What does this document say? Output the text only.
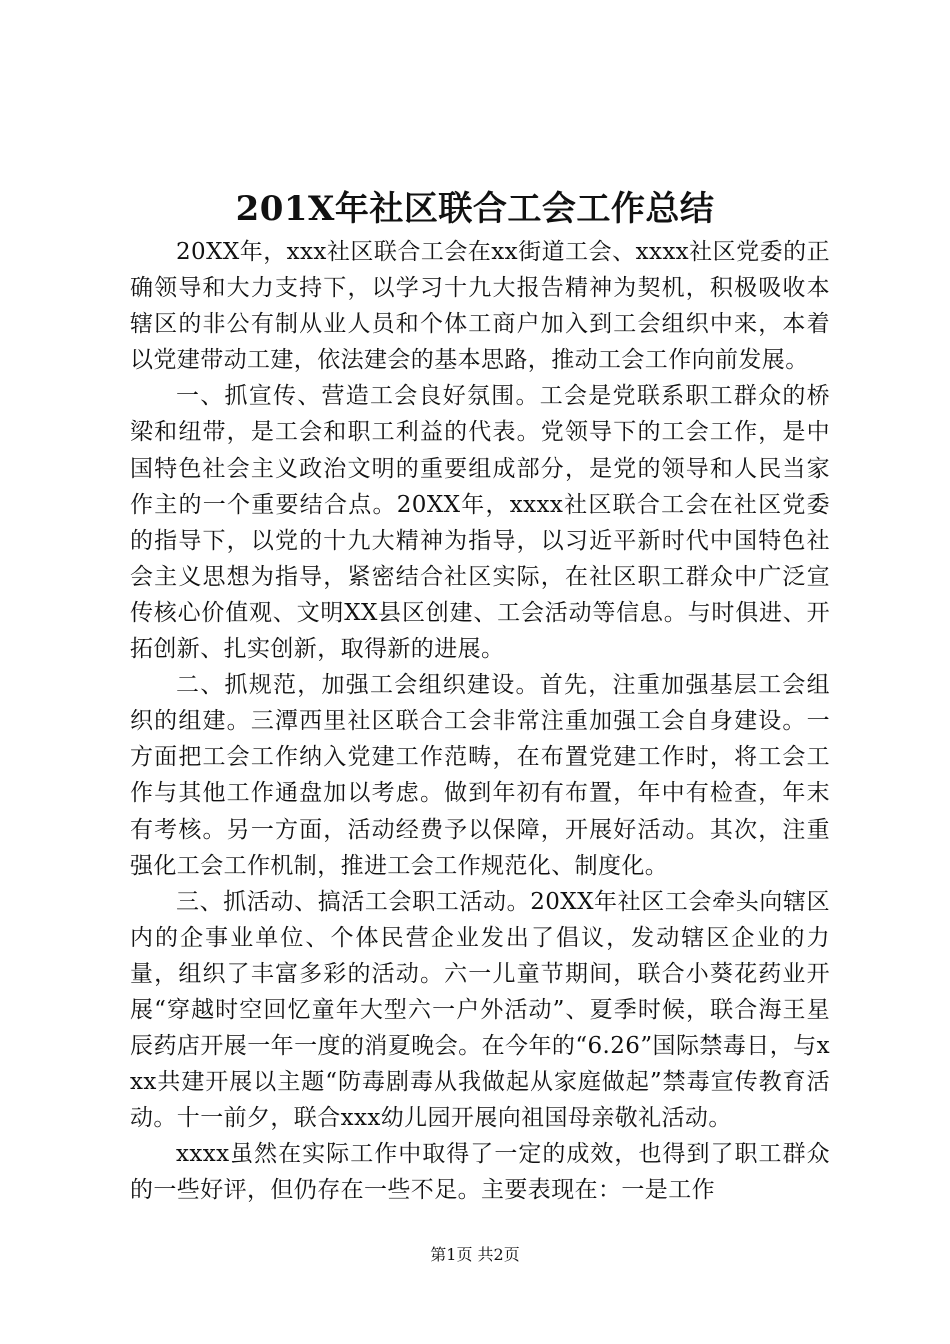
201X年社区联合工会工作总结

20XX年，xxx社区联合工会在xx街道工会、xxxx社区党委的正确领导和大力支持下，以学习十九大报告精神为契机，积极吸收本辖区的非公有制从业人员和个体工商户加入到工会组织中来，本着以党建带动工建，依法建会的基本思路，推动工会工作向前发展。

一、抓宣传、营造工会良好氛围。工会是党联系职工群众的桥梁和纽带，是工会和职工利益的代表。党领导下的工会工作，是中国特色社会主义政治文明的重要组成部分，是党的领导和人民当家作主的一个重要结合点。20XX年，xxxx社区联合工会在社区党委的指导下，以党的十九大精神为指导，以习近平新时代中国特色社会主义思想为指导，紧密结合社区实际，在社区职工群众中广泛宣传核心价值观、文明XX县区创建、工会活动等信息。与时俱进、开拓创新、扎实创新，取得新的进展。

二、抓规范，加强工会组织建设。首先，注重加强基层工会组织的组建。三潭西里社区联合工会非常注重加强工会自身建设。一方面把工会工作纳入党建工作范畴，在布置党建工作时，将工会工作与其他工作通盘加以考虑。做到年初有布置，年中有检查，年末有考核。另一方面，活动经费予以保障，开展好活动。其次，注重强化工会工作机制，推进工会工作规范化、制度化。

三、抓活动、搞活工会职工活动。20XX年社区工会牵头向辖区内的企事业单位、个体民营企业发出了倡议，发动辖区企业的力量，组织了丰富多彩的活动。六一儿童节期间，联合小葵花药业开展“穿越时空回忆童年大型六一户外活动”、夏季时候，联合海王星辰药店开展一年一度的消夏晚会。在今年的“6.26”国际禁毒日，与xxx共建开展以主题“防毒剧毒从我做起从家庭做起”禁毒宣传教育活动。十一前夕，联合xxx幼儿园开展向祖国母亲敬礼活动。

xxxx虽然在实际工作中取得了一定的成效，也得到了职工群众的一些好评，但仍存在一些不足。主要表现在：一是工作

第1页 共2页
